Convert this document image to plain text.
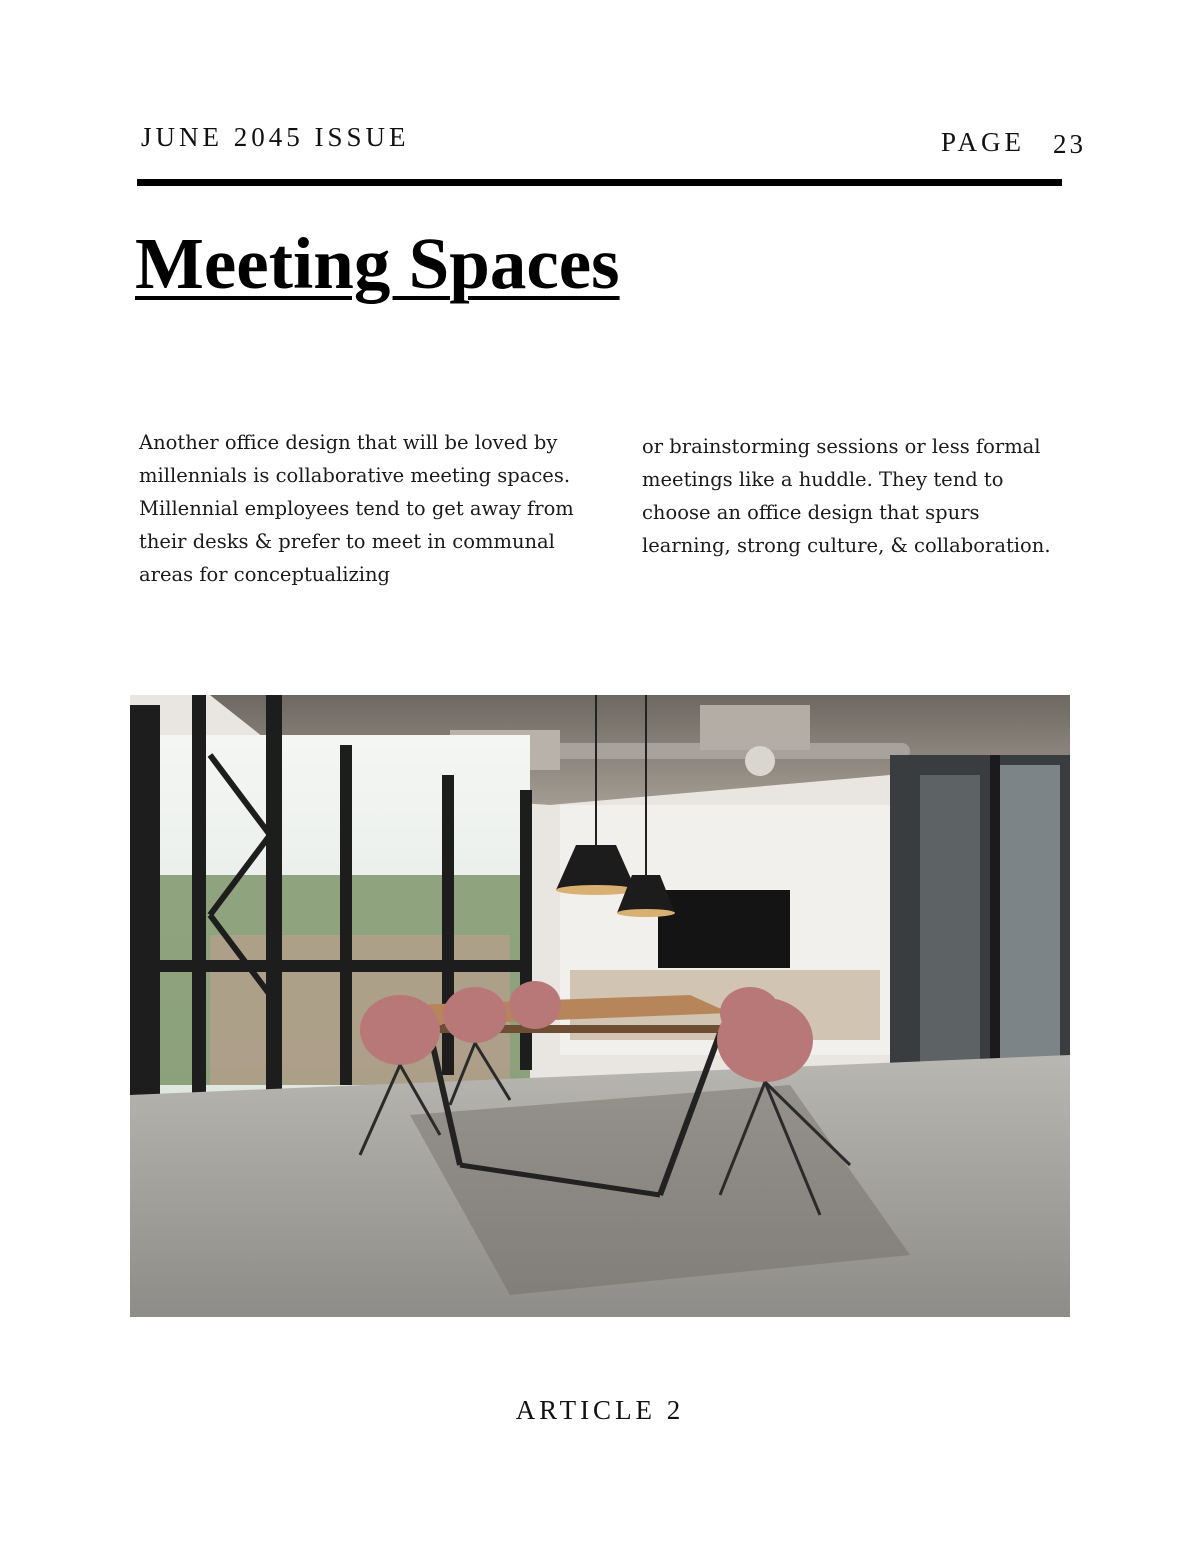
JUNE 2045 ISSUE	PAGE 23
Meeting Spaces

Another office design that will be loved by millennials is collaborative meeting spaces. Millennial employees tend to get away from their desks & prefer to meet in communal areas for conceptualizing

or brainstorming sessions or less formal meetings like a huddle. They tend to choose an office design that spurs learning, strong culture, & collaboration.

ARTICLE 2
